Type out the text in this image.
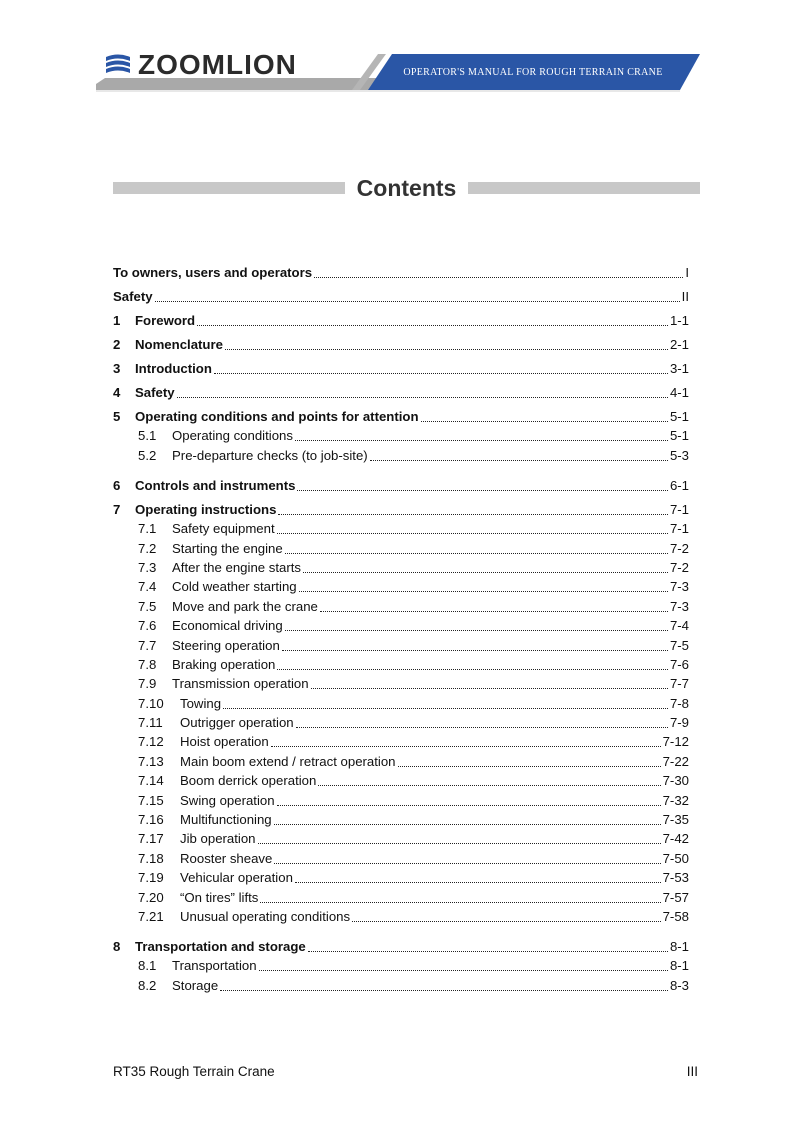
ZOOMLION	OPERATOR'S MANUAL FOR ROUGH TERRAIN CRANE
Contents
To owners, users and operators	I
Safety	II
1	Foreword	1-1
2	Nomenclature	2-1
3	Introduction	3-1
4	Safety	4-1
5	Operating conditions and points for attention	5-1
5.1	Operating conditions	5-1
5.2	Pre-departure checks (to job-site)	5-3
6	Controls and instruments	6-1
7	Operating instructions	7-1
7.1	Safety equipment	7-1
7.2	Starting the engine	7-2
7.3	After the engine starts	7-2
7.4	Cold weather starting	7-3
7.5	Move and park the crane	7-3
7.6	Economical driving	7-4
7.7	Steering operation	7-5
7.8	Braking operation	7-6
7.9	Transmission operation	7-7
7.10	Towing	7-8
7.11	Outrigger operation	7-9
7.12	Hoist operation	7-12
7.13	Main boom extend / retract operation	7-22
7.14	Boom derrick operation	7-30
7.15	Swing operation	7-32
7.16	Multifunctioning	7-35
7.17	Jib operation	7-42
7.18	Rooster sheave	7-50
7.19	Vehicular operation	7-53
7.20	“On tires” lifts	7-57
7.21	Unusual operating conditions	7-58
8	Transportation and storage	8-1
8.1	Transportation	8-1
8.2	Storage	8-3
RT35 Rough Terrain Crane	III
